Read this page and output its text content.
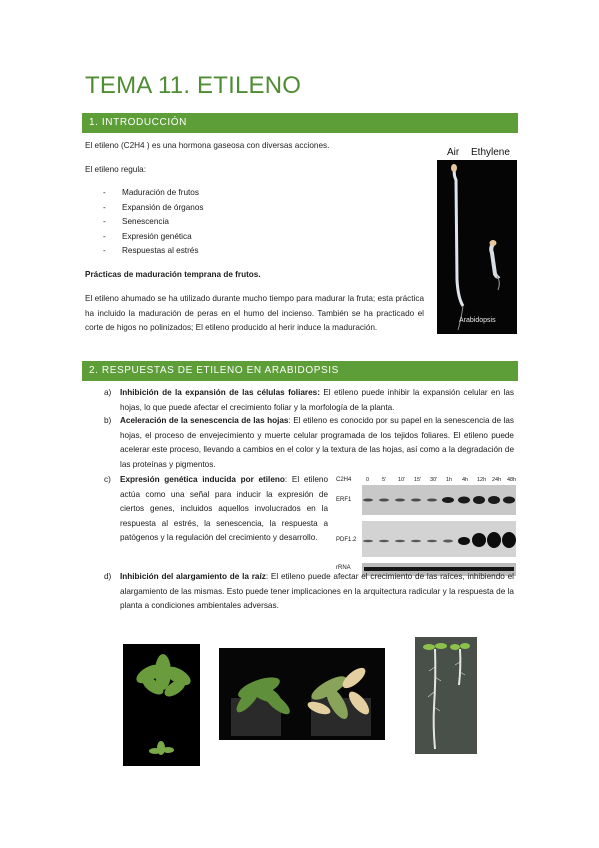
TEMA 11. ETILENO
1. INTRODUCCIÓN
El etileno (C2H4 ) es una hormona gaseosa con diversas acciones.
El etileno regula:
- Maduración de frutos
- Expansión de órganos
- Senescencia
- Expresión genética
- Respuestas al estrés
Prácticas de maduración temprana de frutos.
El etileno ahumado se ha utilizado durante mucho tiempo para madurar la fruta; esta práctica ha incluido la maduración de peras en el humo del incienso. También se ha practicado el corte de higos no polinizados; El etileno producido al herir induce la maduración.
Air Ethylene
Arabidopsis
2. RESPUESTAS DE ETILENO EN ARABIDOPSIS
a) Inhibición de la expansión de las células foliares: El etileno puede inhibir la expansión celular en las hojas, lo que puede afectar el crecimiento foliar y la morfología de la planta.
b) Aceleración de la senescencia de las hojas: El etileno es conocido por su papel en la senescencia de las hojas, el proceso de envejecimiento y muerte celular programada de los tejidos foliares. El etileno puede acelerar este proceso, llevando a cambios en el color y la textura de las hojas, así como a la degradación de las proteínas y pigmentos.
c) Expresión genética inducida por etileno: El etileno actúa como una señal para inducir la expresión de ciertos genes, incluidos aquellos involucrados en la respuesta al estrés, la senescencia, la respuesta a patógenos y la regulación del crecimiento y desarrollo.
C2H4	0 5' 10' 15' 30' 1h 4h 12h 24h 48h
ERF1
PDF1.2
rRNA
d) Inhibición del alargamiento de la raíz: El etileno puede afectar el crecimiento de las raíces, inhibiendo el alargamiento de las mismas. Esto puede tener implicaciones en la arquitectura radicular y la respuesta de la planta a condiciones ambientales adversas.
